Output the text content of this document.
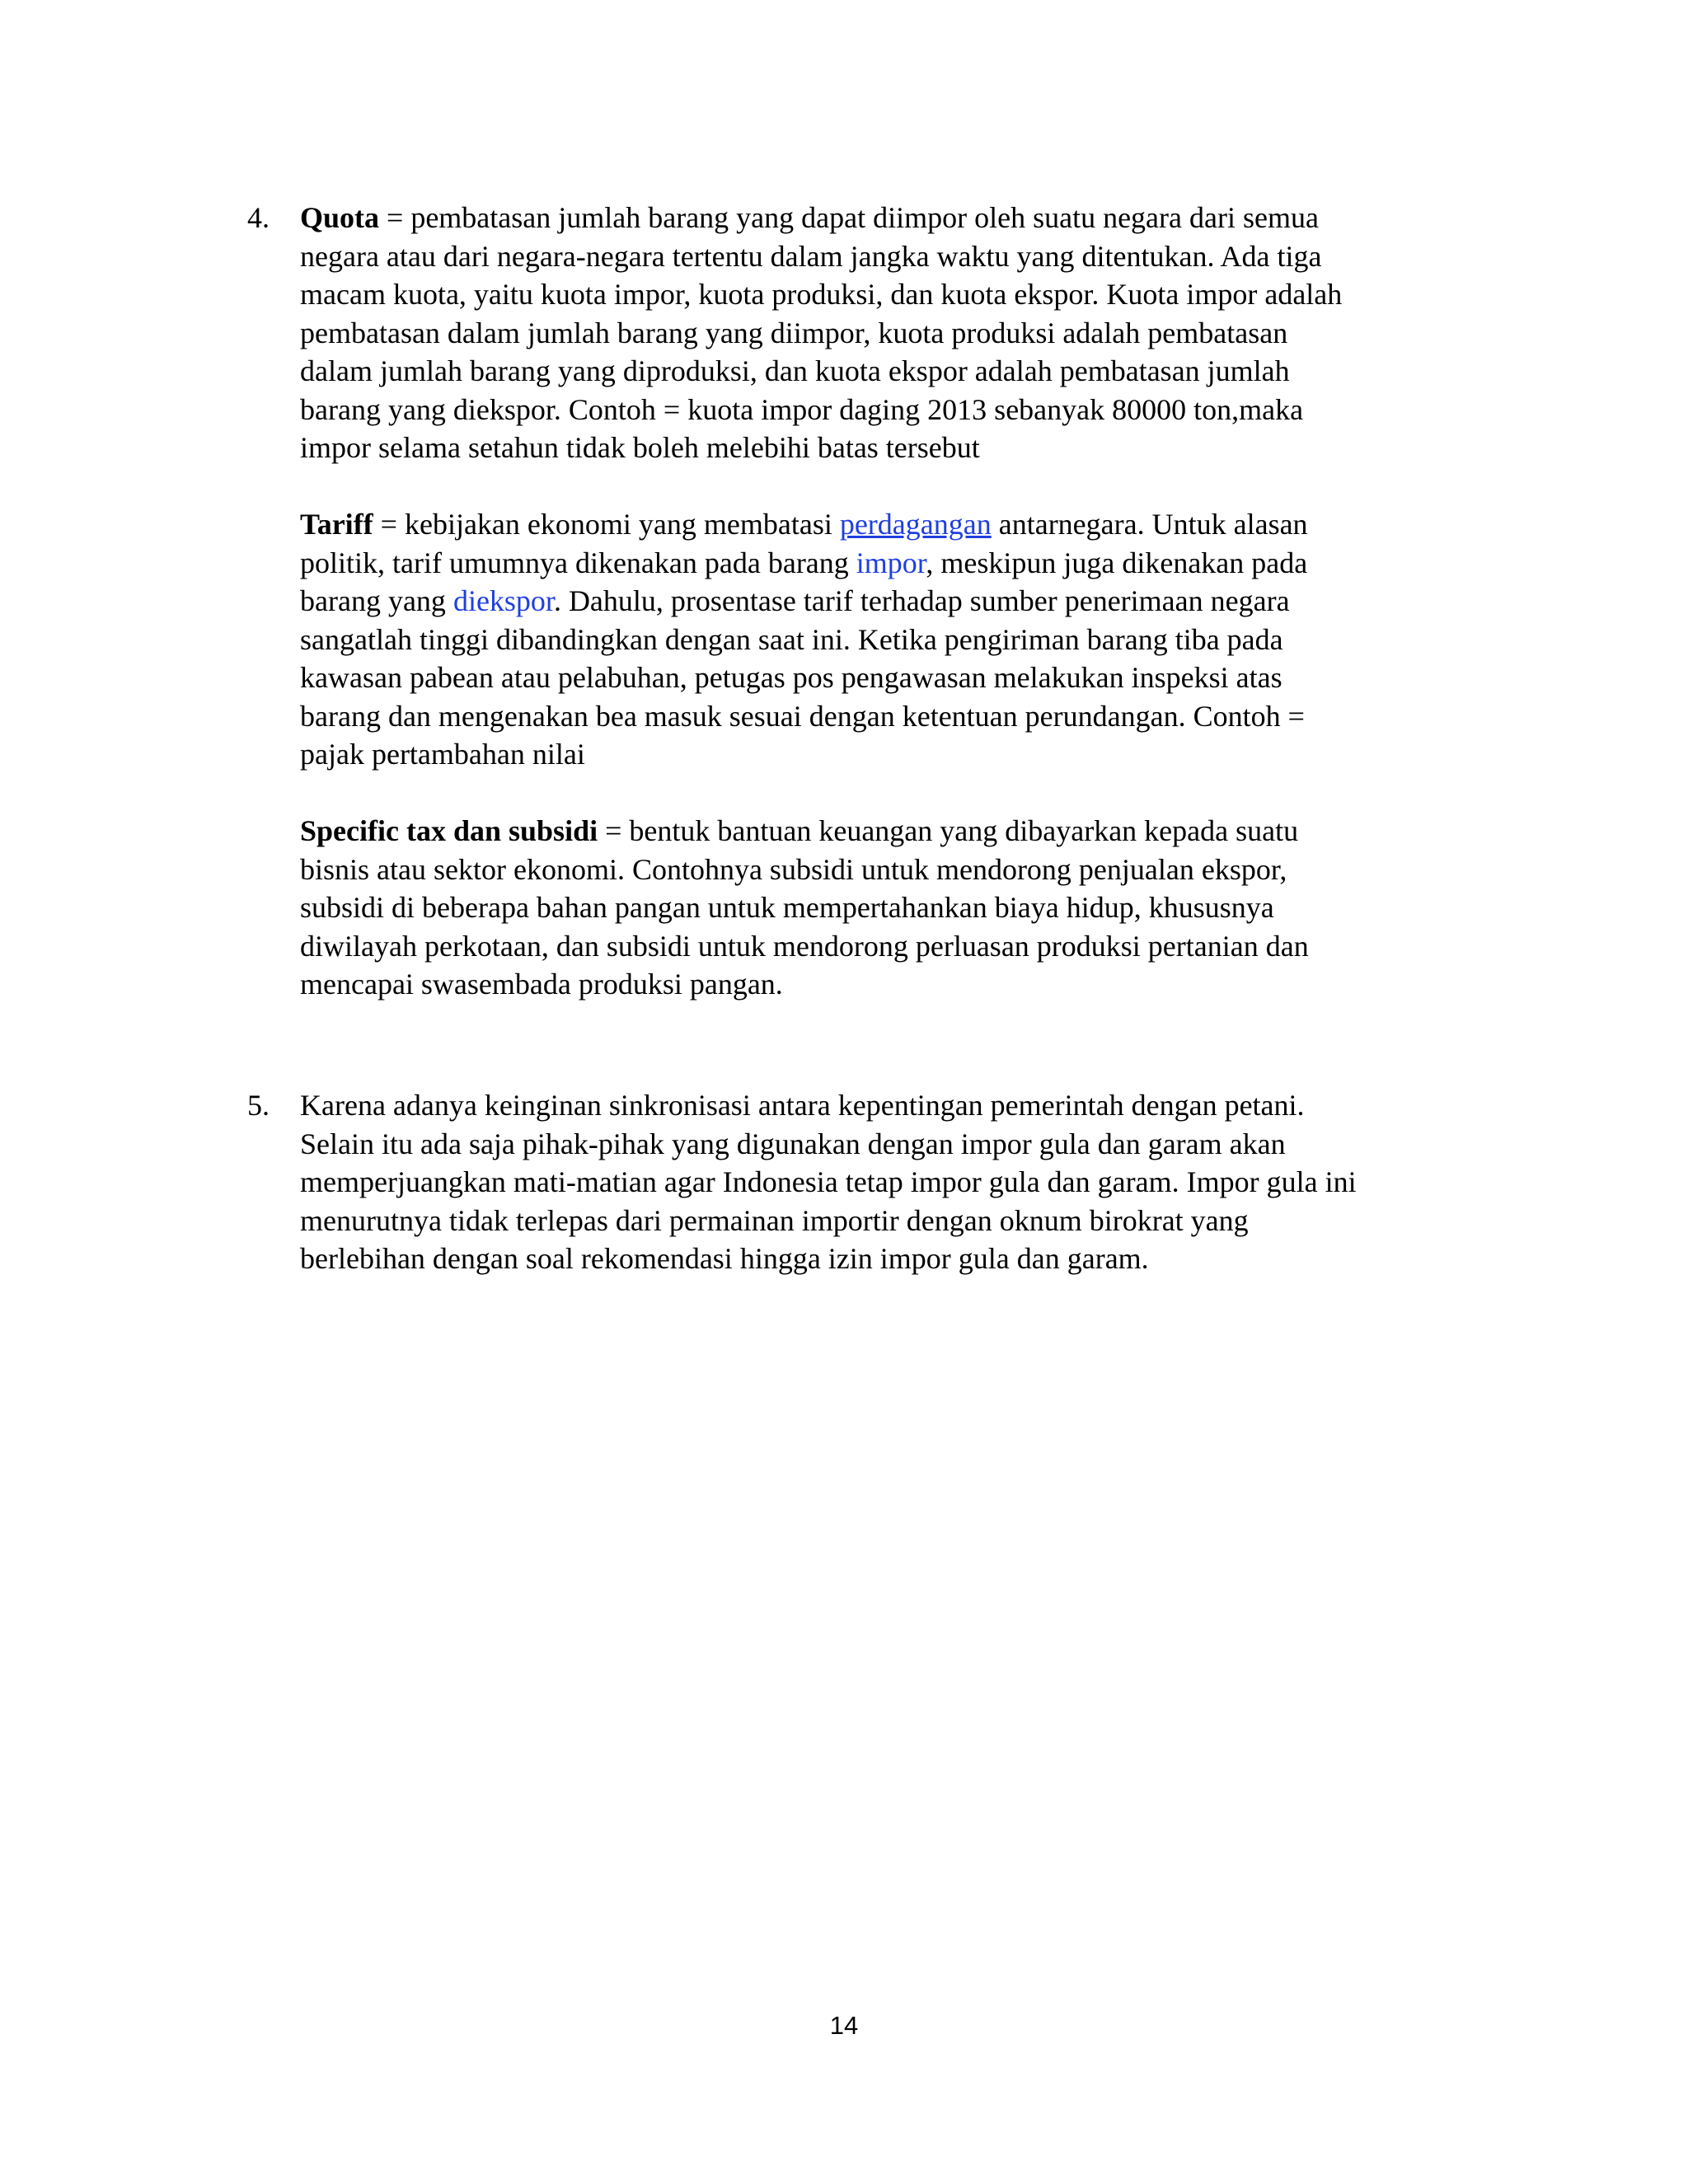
4. Quota = pembatasan jumlah barang yang dapat diimpor oleh suatu negara dari semua
negara atau dari negara-negara tertentu dalam jangka waktu yang ditentukan. Ada tiga
macam kuota, yaitu kuota impor, kuota produksi, dan kuota ekspor. Kuota impor adalah
pembatasan dalam jumlah barang yang diimpor, kuota produksi adalah pembatasan
dalam jumlah barang yang diproduksi, dan kuota ekspor adalah pembatasan jumlah
barang yang diekspor. Contoh = kuota impor daging 2013 sebanyak 80000 ton,maka
impor selama setahun tidak boleh melebihi batas tersebut
Tariff = kebijakan ekonomi yang membatasi perdagangan antarnegara. Untuk alasan
politik, tarif umumnya dikenakan pada barang impor, meskipun juga dikenakan pada
barang yang diekspor. Dahulu, prosentase tarif terhadap sumber penerimaan negara
sangatlah tinggi dibandingkan dengan saat ini. Ketika pengiriman barang tiba pada
kawasan pabean atau pelabuhan, petugas pos pengawasan melakukan inspeksi atas
barang dan mengenakan bea masuk sesuai dengan ketentuan perundangan. Contoh =
pajak pertambahan nilai
Specific tax dan subsidi = bentuk bantuan keuangan yang dibayarkan kepada suatu
bisnis atau sektor ekonomi. Contohnya subsidi untuk mendorong penjualan ekspor,
subsidi di beberapa bahan pangan untuk mempertahankan biaya hidup, khususnya
diwilayah perkotaan, dan subsidi untuk mendorong perluasan produksi pertanian dan
mencapai swasembada produksi pangan.
5. Karena adanya keinginan sinkronisasi antara kepentingan pemerintah dengan petani.
Selain itu ada saja pihak-pihak yang digunakan dengan impor gula dan garam akan
memperjuangkan mati-matian agar Indonesia tetap impor gula dan garam. Impor gula ini
menurutnya tidak terlepas dari permainan importir dengan oknum birokrat yang
berlebihan dengan soal rekomendasi hingga izin impor gula dan garam.
14
